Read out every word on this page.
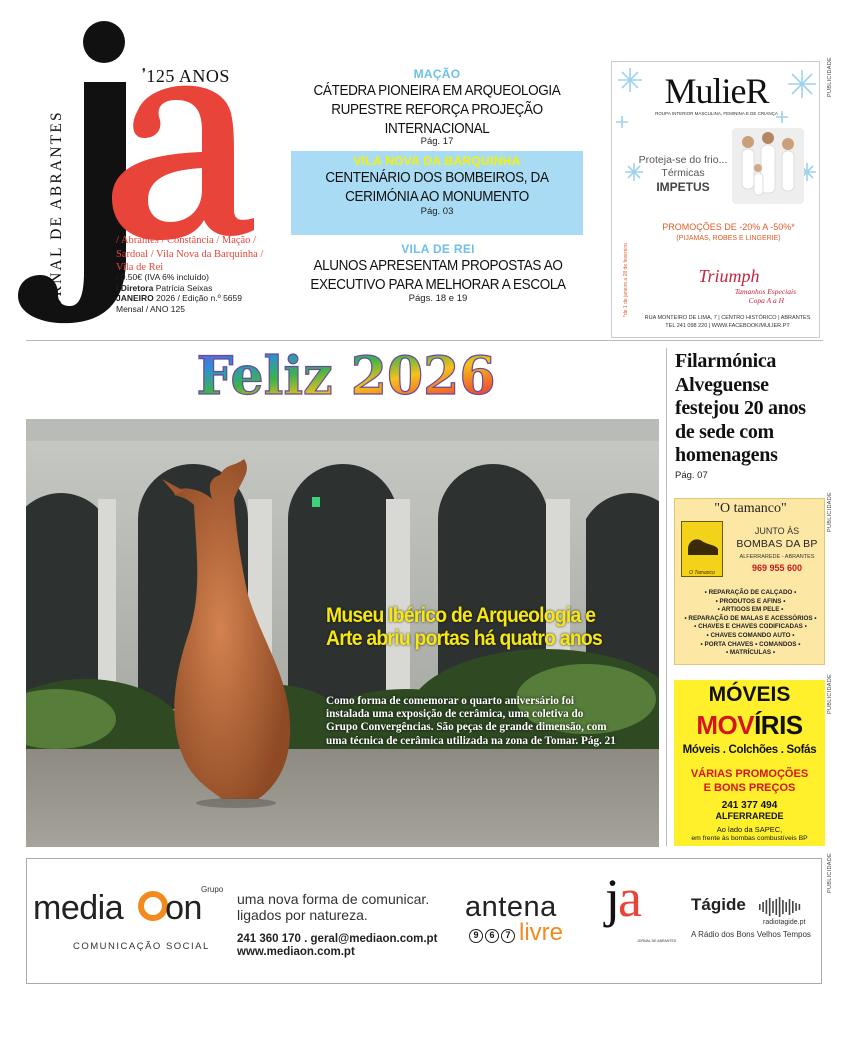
JORNAL DE ABRANTES
❜125 ANOS
/ Abrantes / Constância / Mação / Sardoal / Vila Nova da Barquinha / Vila de Rei
/ 0.50€ (IVA 6% incluído)
/ Diretora Patrícia Seixas
JANEIRO 2026 / Edição n.º 5659
Mensal / ANO 125
MAÇÃO
CÁTEDRA PIONEIRA EM ARQUEOLOGIA RUPESTRE REFORÇA PROJEÇÃO INTERNACIONAL
Pág. 17
VILA NOVA DA BARQUINHA
CENTENÁRIO DOS BOMBEIROS, DA CERIMÓNIA AO MONUMENTO
Pág. 03
VILA DE REI
ALUNOS APRESENTAM PROPOSTAS AO EXECUTIVO PARA MELHORAR A ESCOLA
Págs. 18 e 19
MulieR
ROUPA INTERIOR MASCULINA, FEMININA E DE CRIANÇA
Proteja-se do frio...
Térmicas
IMPETUS
PROMOÇÕES DE -20% A -50%*
(PIJAMAS, ROBES E LINGERIE)
Triumph
Tamanhos Especiais
Copa A a H
*de 1 de janeiro a 28 de fevereiro
RUA MONTEIRO DE LIMA, 7 | CENTRO HISTÓRICO | ABRANTES
TEL 241 098 220 | WWW.FACEBOOK/MULIER.PT
PUBLICIDADE
Feliz 2026
Museu Ibérico de Arqueologia e Arte abriu portas há quatro anos
Como forma de comemorar o quarto aniversário foi instalada uma exposição de cerâmica, uma coletiva do Grupo Convergências. São peças de grande dimensão, com uma técnica de cerâmica utilizada na zona de Tomar. Pág. 21
Filarmónica Alveguense festejou 20 anos de sede com homenagens
Pág. 07
"O tamanco"
O Tamanco
JUNTO ÀS
BOMBAS DA BP
ALFERRAREDE - ABRANTES
969 955 600
• REPARAÇÃO DE CALÇADO •
• PRODUTOS E AFINS •
• ARTIGOS EM PELE •
• REPARAÇÃO DE MALAS E ACESSÓRIOS •
• CHAVES E CHAVES CODIFICADAS •
• CHAVES COMANDO AUTO •
• PORTA CHAVES • COMANDOS •
• MATRÍCULAS •
PUBLICIDADE
MÓVEIS
MOVÍRIS
Móveis . Colchões . Sofás
VÁRIAS PROMOÇÕES
E BONS PREÇOS
241 377 494
ALFERRAREDE
Ao lado da SAPEC,
em frente às bombas combustíveis BP
PUBLICIDADE
media on Grupo
COMUNICAÇÃO SOCIAL
uma nova forma de comunicar.
ligados por natureza.
241 360 170 . geral@mediaon.com.pt
www.mediaon.com.pt
antena
9 6 7 livre
ja
JORNAL DE ABRANTES
Tágide
radiotagide.pt
A Rádio dos Bons Velhos Tempos
PUBLICIDADE
